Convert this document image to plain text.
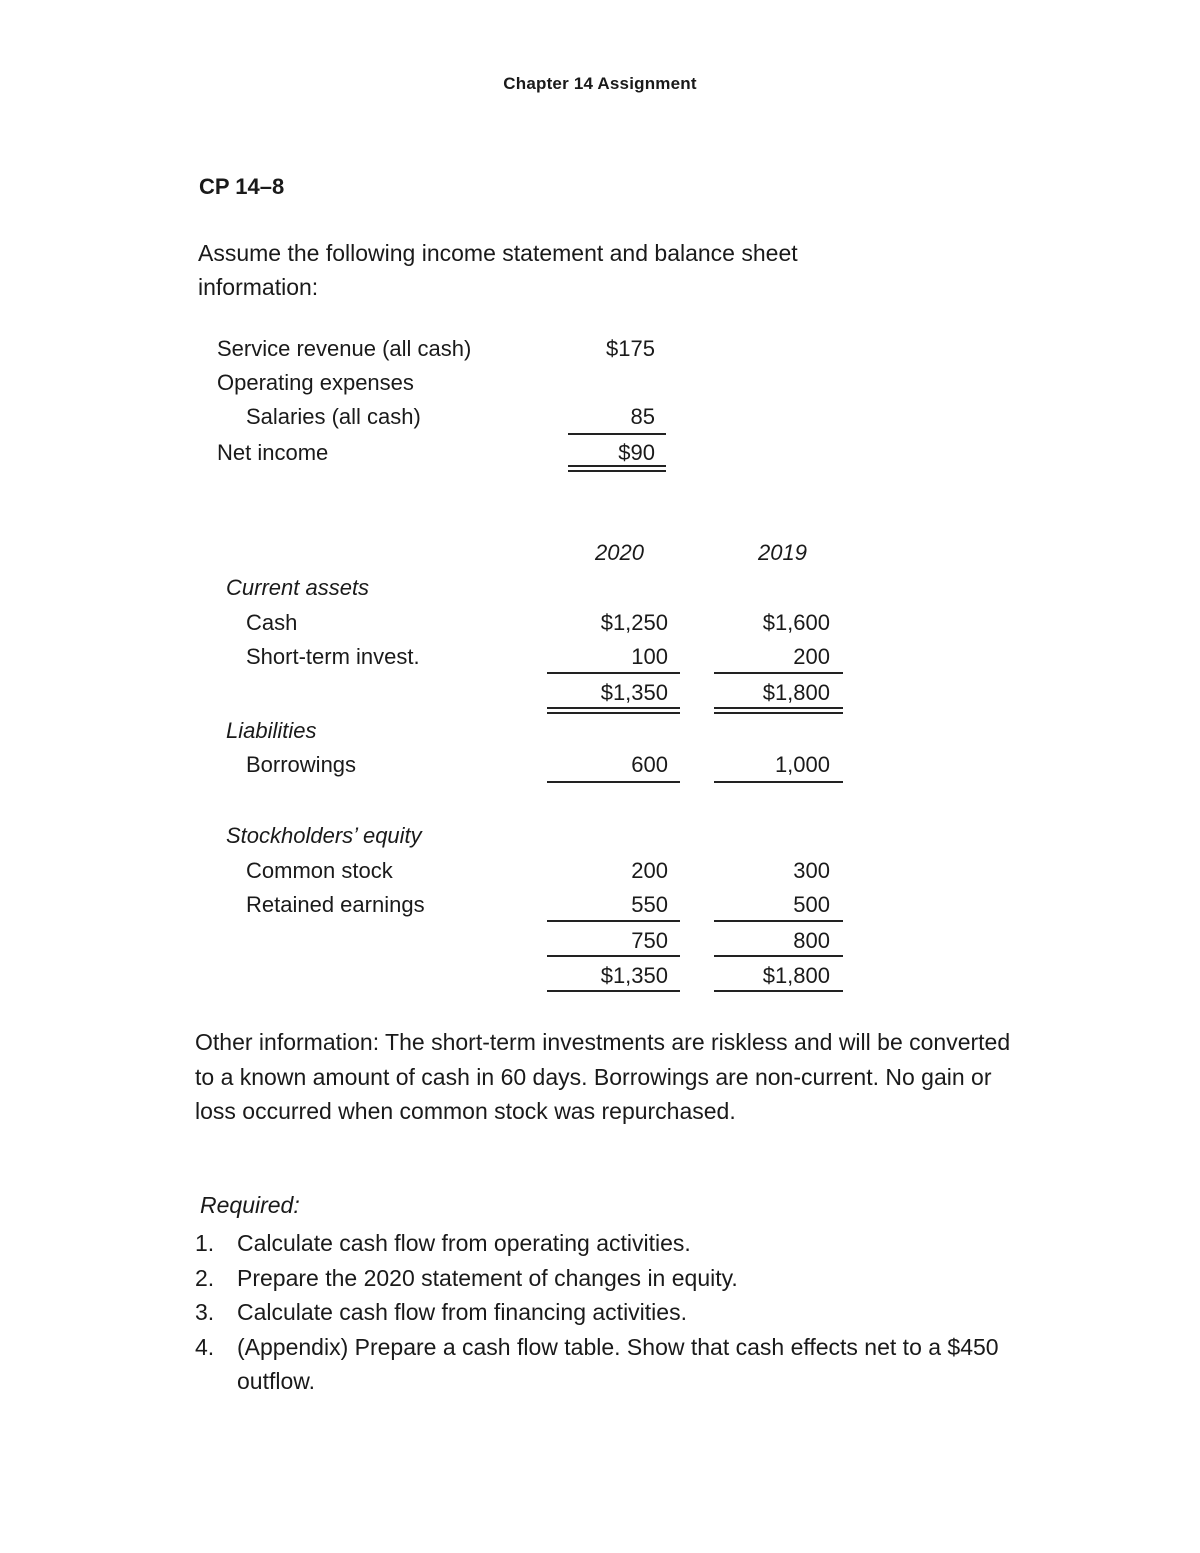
Chapter 14 Assignment
CP 14–8
Assume the following income statement and balance sheet information:
Service revenue (all cash)	$175
Operating expenses
Salaries (all cash)	85
Net income	$90
2020	2019
Current assets
Cash	$1,250	$1,600
Short-term invest.	100	200
$1,350	$1,800
Liabilities
Borrowings	600	1,000
Stockholders’ equity
Common stock	200	300
Retained earnings	550	500
750	800
$1,350	$1,800
Other information: The short-term investments are riskless and will be converted to a known amount of cash in 60 days. Borrowings are non-current. No gain or loss occurred when common stock was repurchased.
Required:
1. Calculate cash flow from operating activities.
2. Prepare the 2020 statement of changes in equity.
3. Calculate cash flow from financing activities.
4. (Appendix) Prepare a cash flow table. Show that cash effects net to a $450 outflow.
